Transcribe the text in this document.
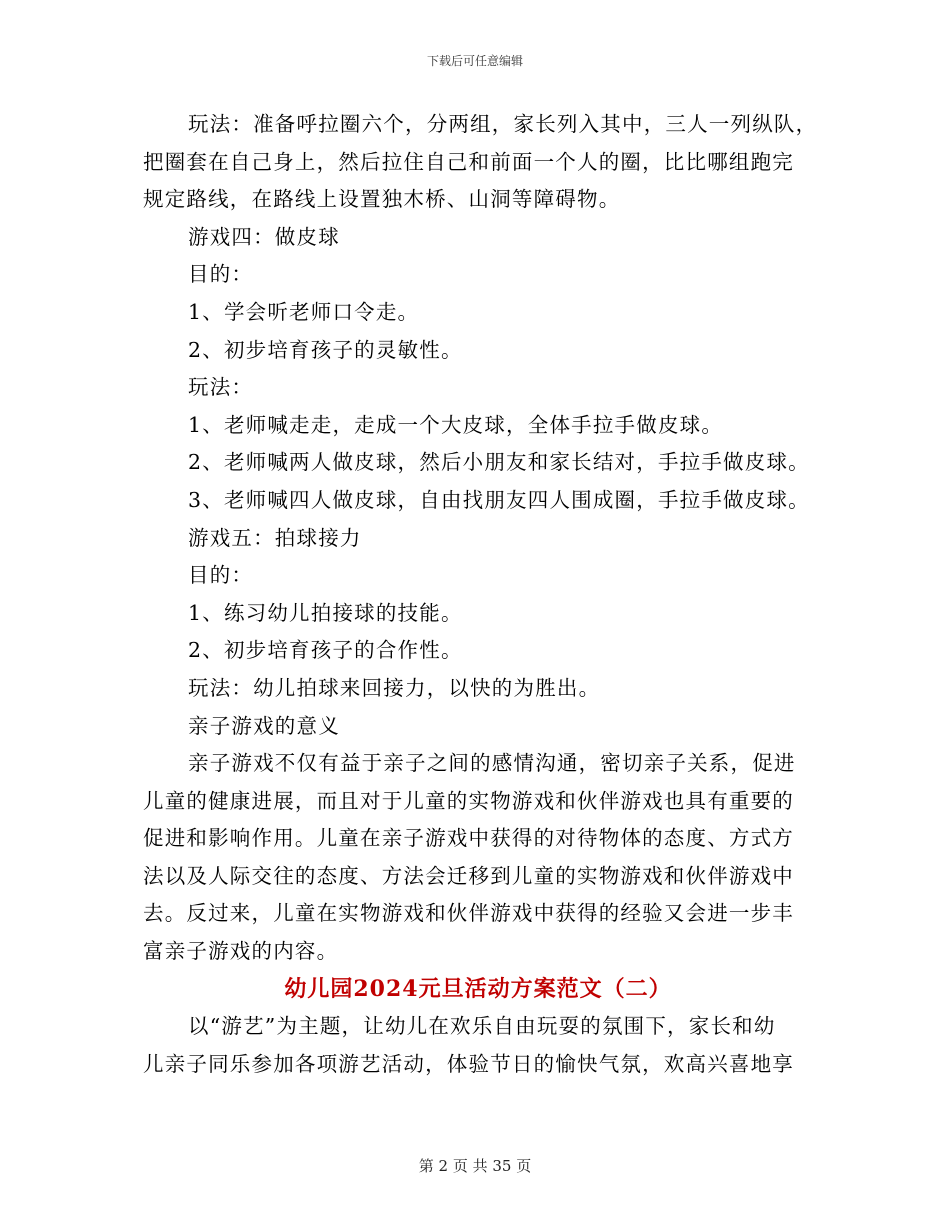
下载后可任意编辑
玩法：准备呼拉圈六个，分两组，家长列入其中，三人一列纵队，
把圈套在自己身上，然后拉住自己和前面一个人的圈，比比哪组跑完
规定路线，在路线上设置独木桥、山洞等障碍物。

游戏四：做皮球

目的：

1、学会听老师口令走。

2、初步培育孩子的灵敏性。

玩法：

1、老师喊走走，走成一个大皮球，全体手拉手做皮球。

2、老师喊两人做皮球，然后小朋友和家长结对，手拉手做皮球。

3、老师喊四人做皮球，自由找朋友四人围成圈，手拉手做皮球。

游戏五：拍球接力

目的：

1、练习幼儿拍接球的技能。

2、初步培育孩子的合作性。

玩法：幼儿拍球来回接力，以快的为胜出。

亲子游戏的意义

亲子游戏不仅有益于亲子之间的感情沟通，密切亲子关系，促进
儿童的健康进展，而且对于儿童的实物游戏和伙伴游戏也具有重要的
促进和影响作用。儿童在亲子游戏中获得的对待物体的态度、方式方
法以及人际交往的态度、方法会迁移到儿童的实物游戏和伙伴游戏中
去。反过来，儿童在实物游戏和伙伴游戏中获得的经验又会进一步丰
富亲子游戏的内容。

幼儿园2024元旦活动方案范文（二）

以“游艺”为主题，让幼儿在欢乐自由玩耍的氛围下，家长和幼
儿亲子同乐参加各项游艺活动，体验节日的愉快气氛，欢高兴喜地享
第 2 页 共 35 页
